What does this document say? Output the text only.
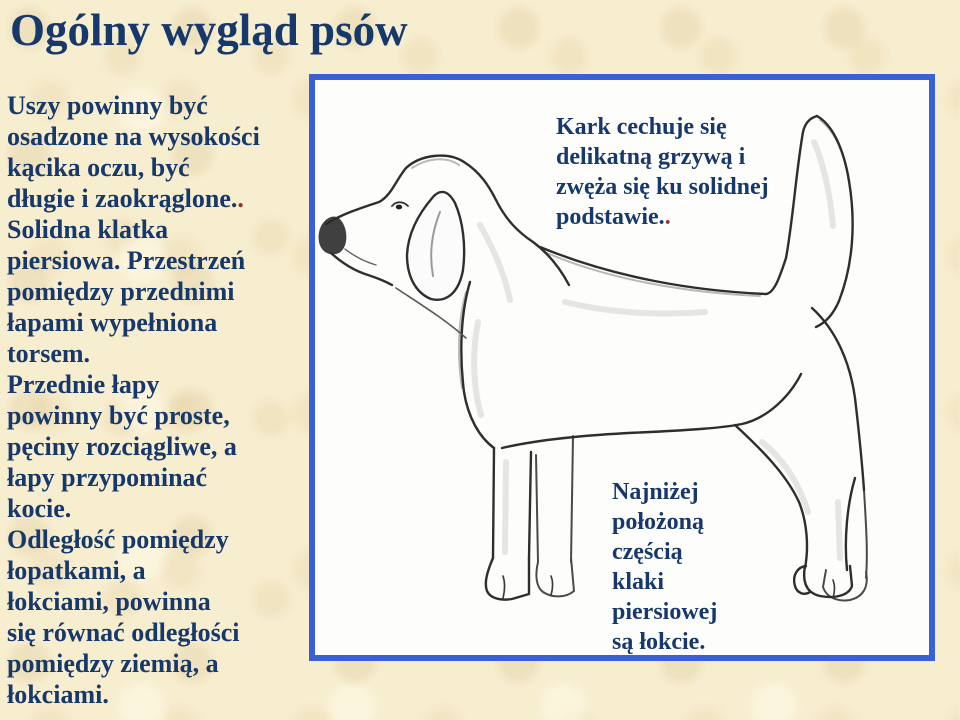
Ogólny wygląd psów
Uszy powinny być
osadzone na wysokości
kącika oczu, być
długie i zaokrąglone..
Solidna klatka
piersiowa. Przestrzeń
pomiędzy przednimi
łapami wypełniona
torsem.
Przednie łapy
powinny być proste,
pęciny rozciągliwe, a
łapy przypominać
kocie.
Odległość pomiędzy
łopatkami, a
łokciami, powinna
się równać odległości
pomiędzy ziemią, a
łokciami.
Kark cechuje się
delikatną grzywą i
zwęża się ku solidnej
podstawie..
Najniżej
położoną
częścią
klaki
piersiowej
są łokcie.
